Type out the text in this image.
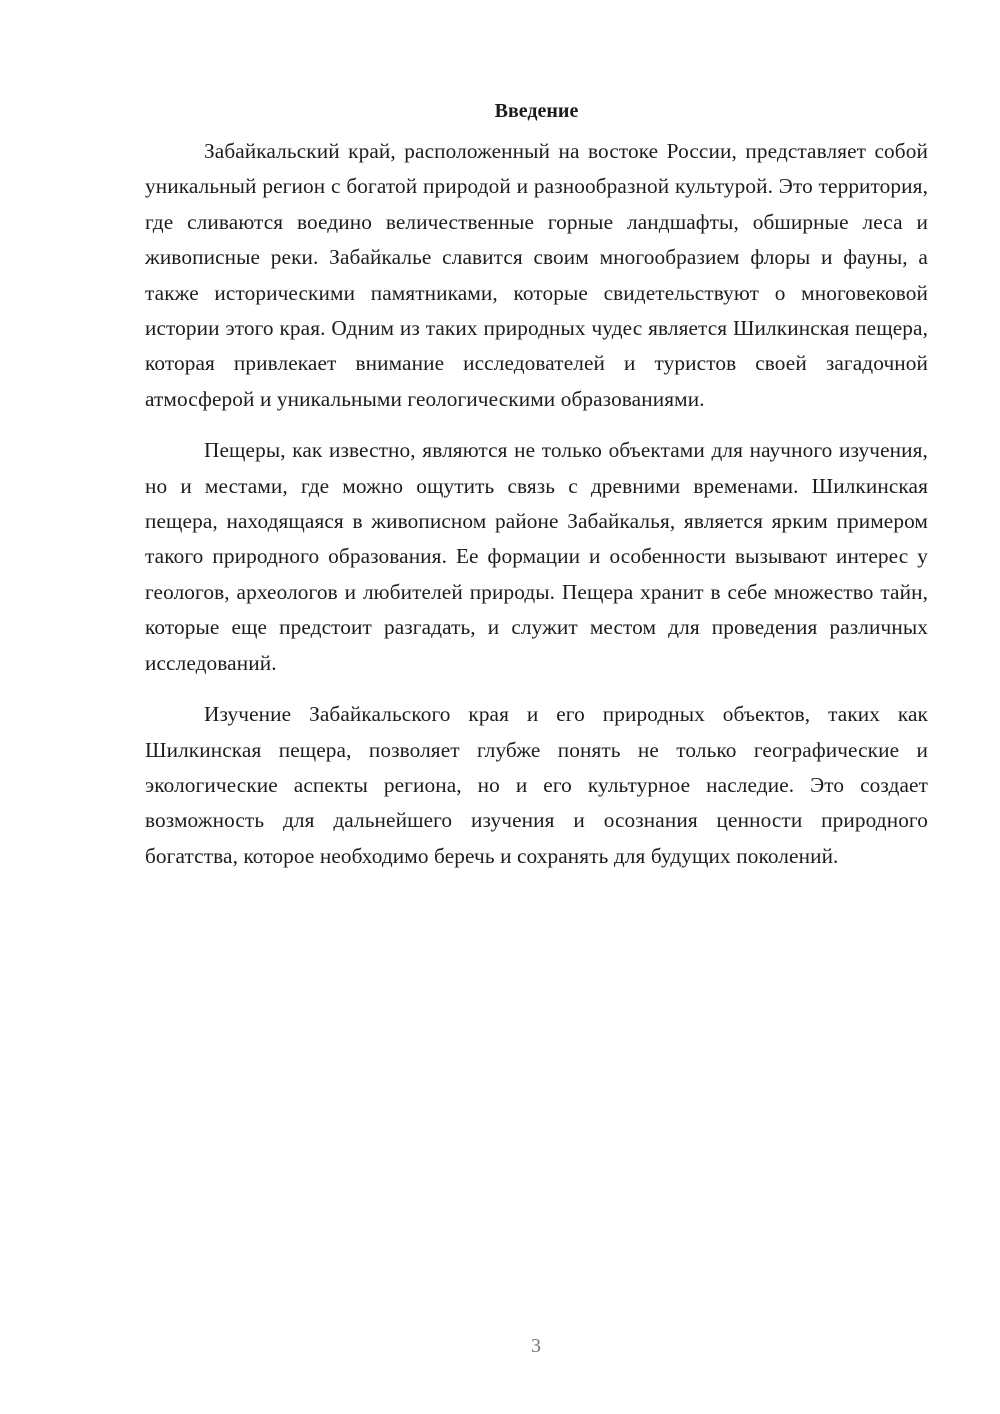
Введение

Забайкальский край, расположенный на востоке России, представляет собой уникальный регион с богатой природой и разнообразной культурой. Это территория, где сливаются воедино величественные горные ландшафты, обширные леса и живописные реки. Забайкалье славится своим многообразием флоры и фауны, а также историческими памятниками, которые свидетельствуют о многовековой истории этого края. Одним из таких природных чудес является Шилкинская пещера, которая привлекает внимание исследователей и туристов своей загадочной атмосферой и уникальными геологическими образованиями.

Пещеры, как известно, являются не только объектами для научного изучения, но и местами, где можно ощутить связь с древними временами. Шилкинская пещера, находящаяся в живописном районе Забайкалья, является ярким примером такого природного образования. Ее формации и особенности вызывают интерес у геологов, археологов и любителей природы. Пещера хранит в себе множество тайн, которые еще предстоит разгадать, и служит местом для проведения различных исследований.

Изучение Забайкальского края и его природных объектов, таких как Шилкинская пещера, позволяет глубже понять не только географические и экологические аспекты региона, но и его культурное наследие. Это создает возможность для дальнейшего изучения и осознания ценности природного богатства, которое необходимо беречь и сохранять для будущих поколений.

3
